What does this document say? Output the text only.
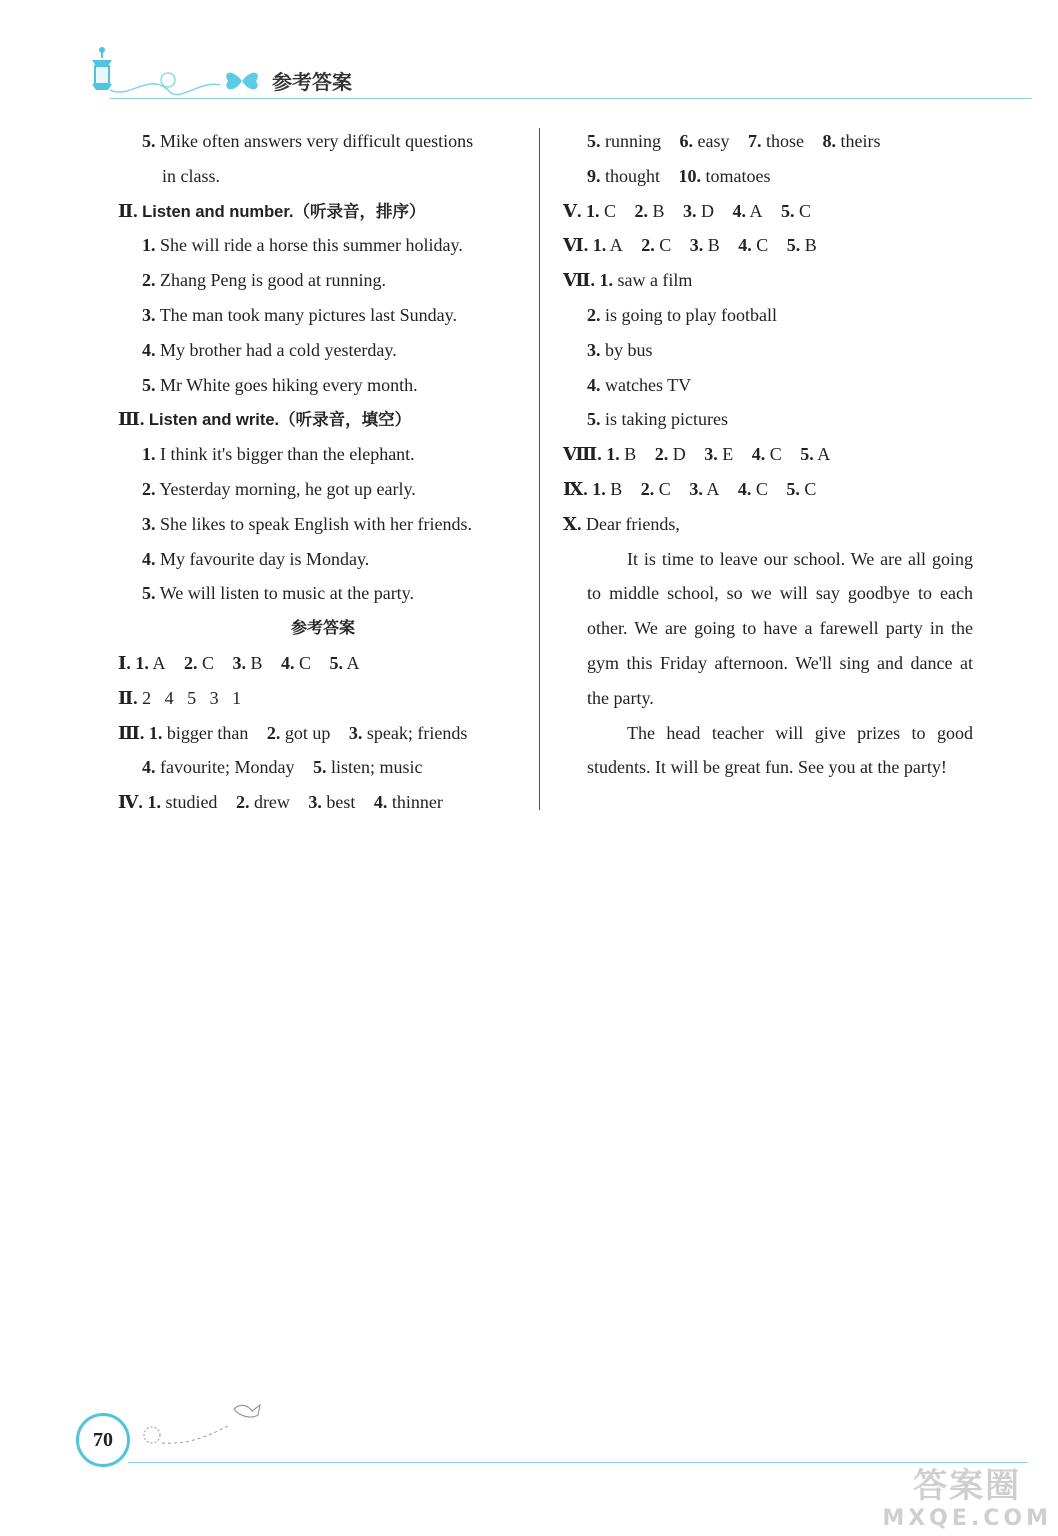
参考答案
5. Mike often answers very difficult questions
in class.
Ⅱ. Listen and number.（听录音，排序）
1. She will ride a horse this summer holiday.
2. Zhang Peng is good at running.
3. The man took many pictures last Sunday.
4. My brother had a cold yesterday.
5. Mr White goes hiking every month.
Ⅲ. Listen and write.（听录音，填空）
1. I think it's bigger than the elephant.
2. Yesterday morning, he got up early.
3. She likes to speak English with her friends.
4. My favourite day is Monday.
5. We will listen to music at the party.
参考答案
Ⅰ. 1. A 2. C 3. B 4. C 5. A
Ⅱ. 2   4   5   3   1
Ⅲ. 1. bigger than 2. got up 3. speak; friends
4. favourite; Monday 5. listen; music
Ⅳ. 1. studied 2. drew 3. best 4. thinner
5. running 6. easy 7. those 8. theirs
9. thought 10. tomatoes
Ⅴ. 1. C 2. B 3. D 4. A 5. C
Ⅵ. 1. A 2. C 3. B 4. C 5. B
Ⅶ. 1. saw a film
2. is going to play football
3. by bus
4. watches TV
5. is taking pictures
Ⅷ. 1. B 2. D 3. E 4. C 5. A
Ⅸ. 1. B 2. C 3. A 4. C 5. C
Ⅹ. Dear friends,
It is time to leave our school. We are all going to middle school, so we will say goodbye to each other. We are going to have a farewell party in the gym this Friday afternoon. We'll sing and dance at the party.
The head teacher will give prizes to good students. It will be great fun. See you at the party!
70
答案圈
MXQE.COM
